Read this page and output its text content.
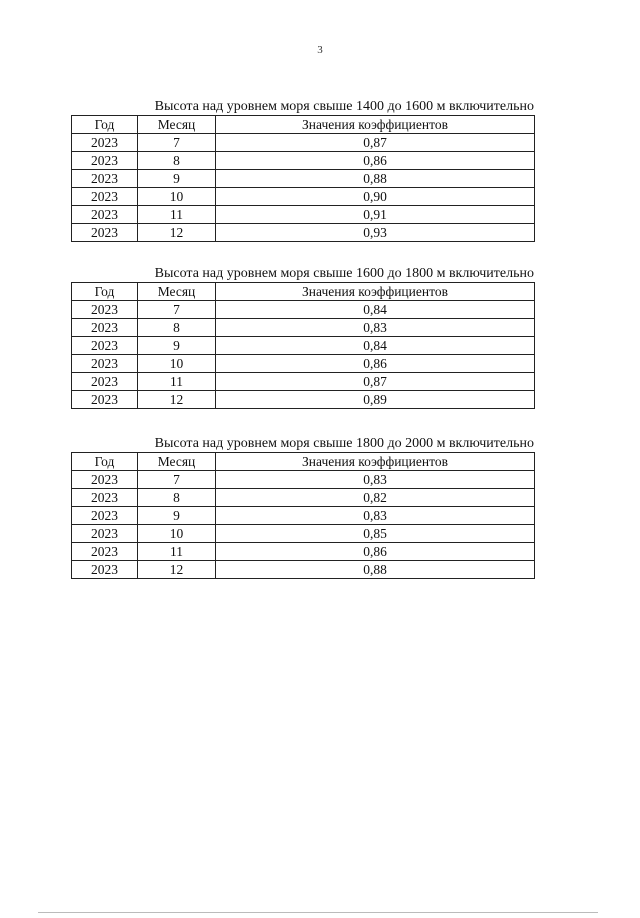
3
Высота над уровнем моря свыше 1400 до 1600 м включительно
Год	Месяц	Значения коэффициентов
2023	7	0,87
2023	8	0,86
2023	9	0,88
2023	10	0,90
2023	11	0,91
2023	12	0,93
Высота над уровнем моря свыше 1600 до 1800 м включительно
Год	Месяц	Значения коэффициентов
2023	7	0,84
2023	8	0,83
2023	9	0,84
2023	10	0,86
2023	11	0,87
2023	12	0,89
Высота над уровнем моря свыше 1800 до 2000 м включительно
Год	Месяц	Значения коэффициентов
2023	7	0,83
2023	8	0,82
2023	9	0,83
2023	10	0,85
2023	11	0,86
2023	12	0,88
